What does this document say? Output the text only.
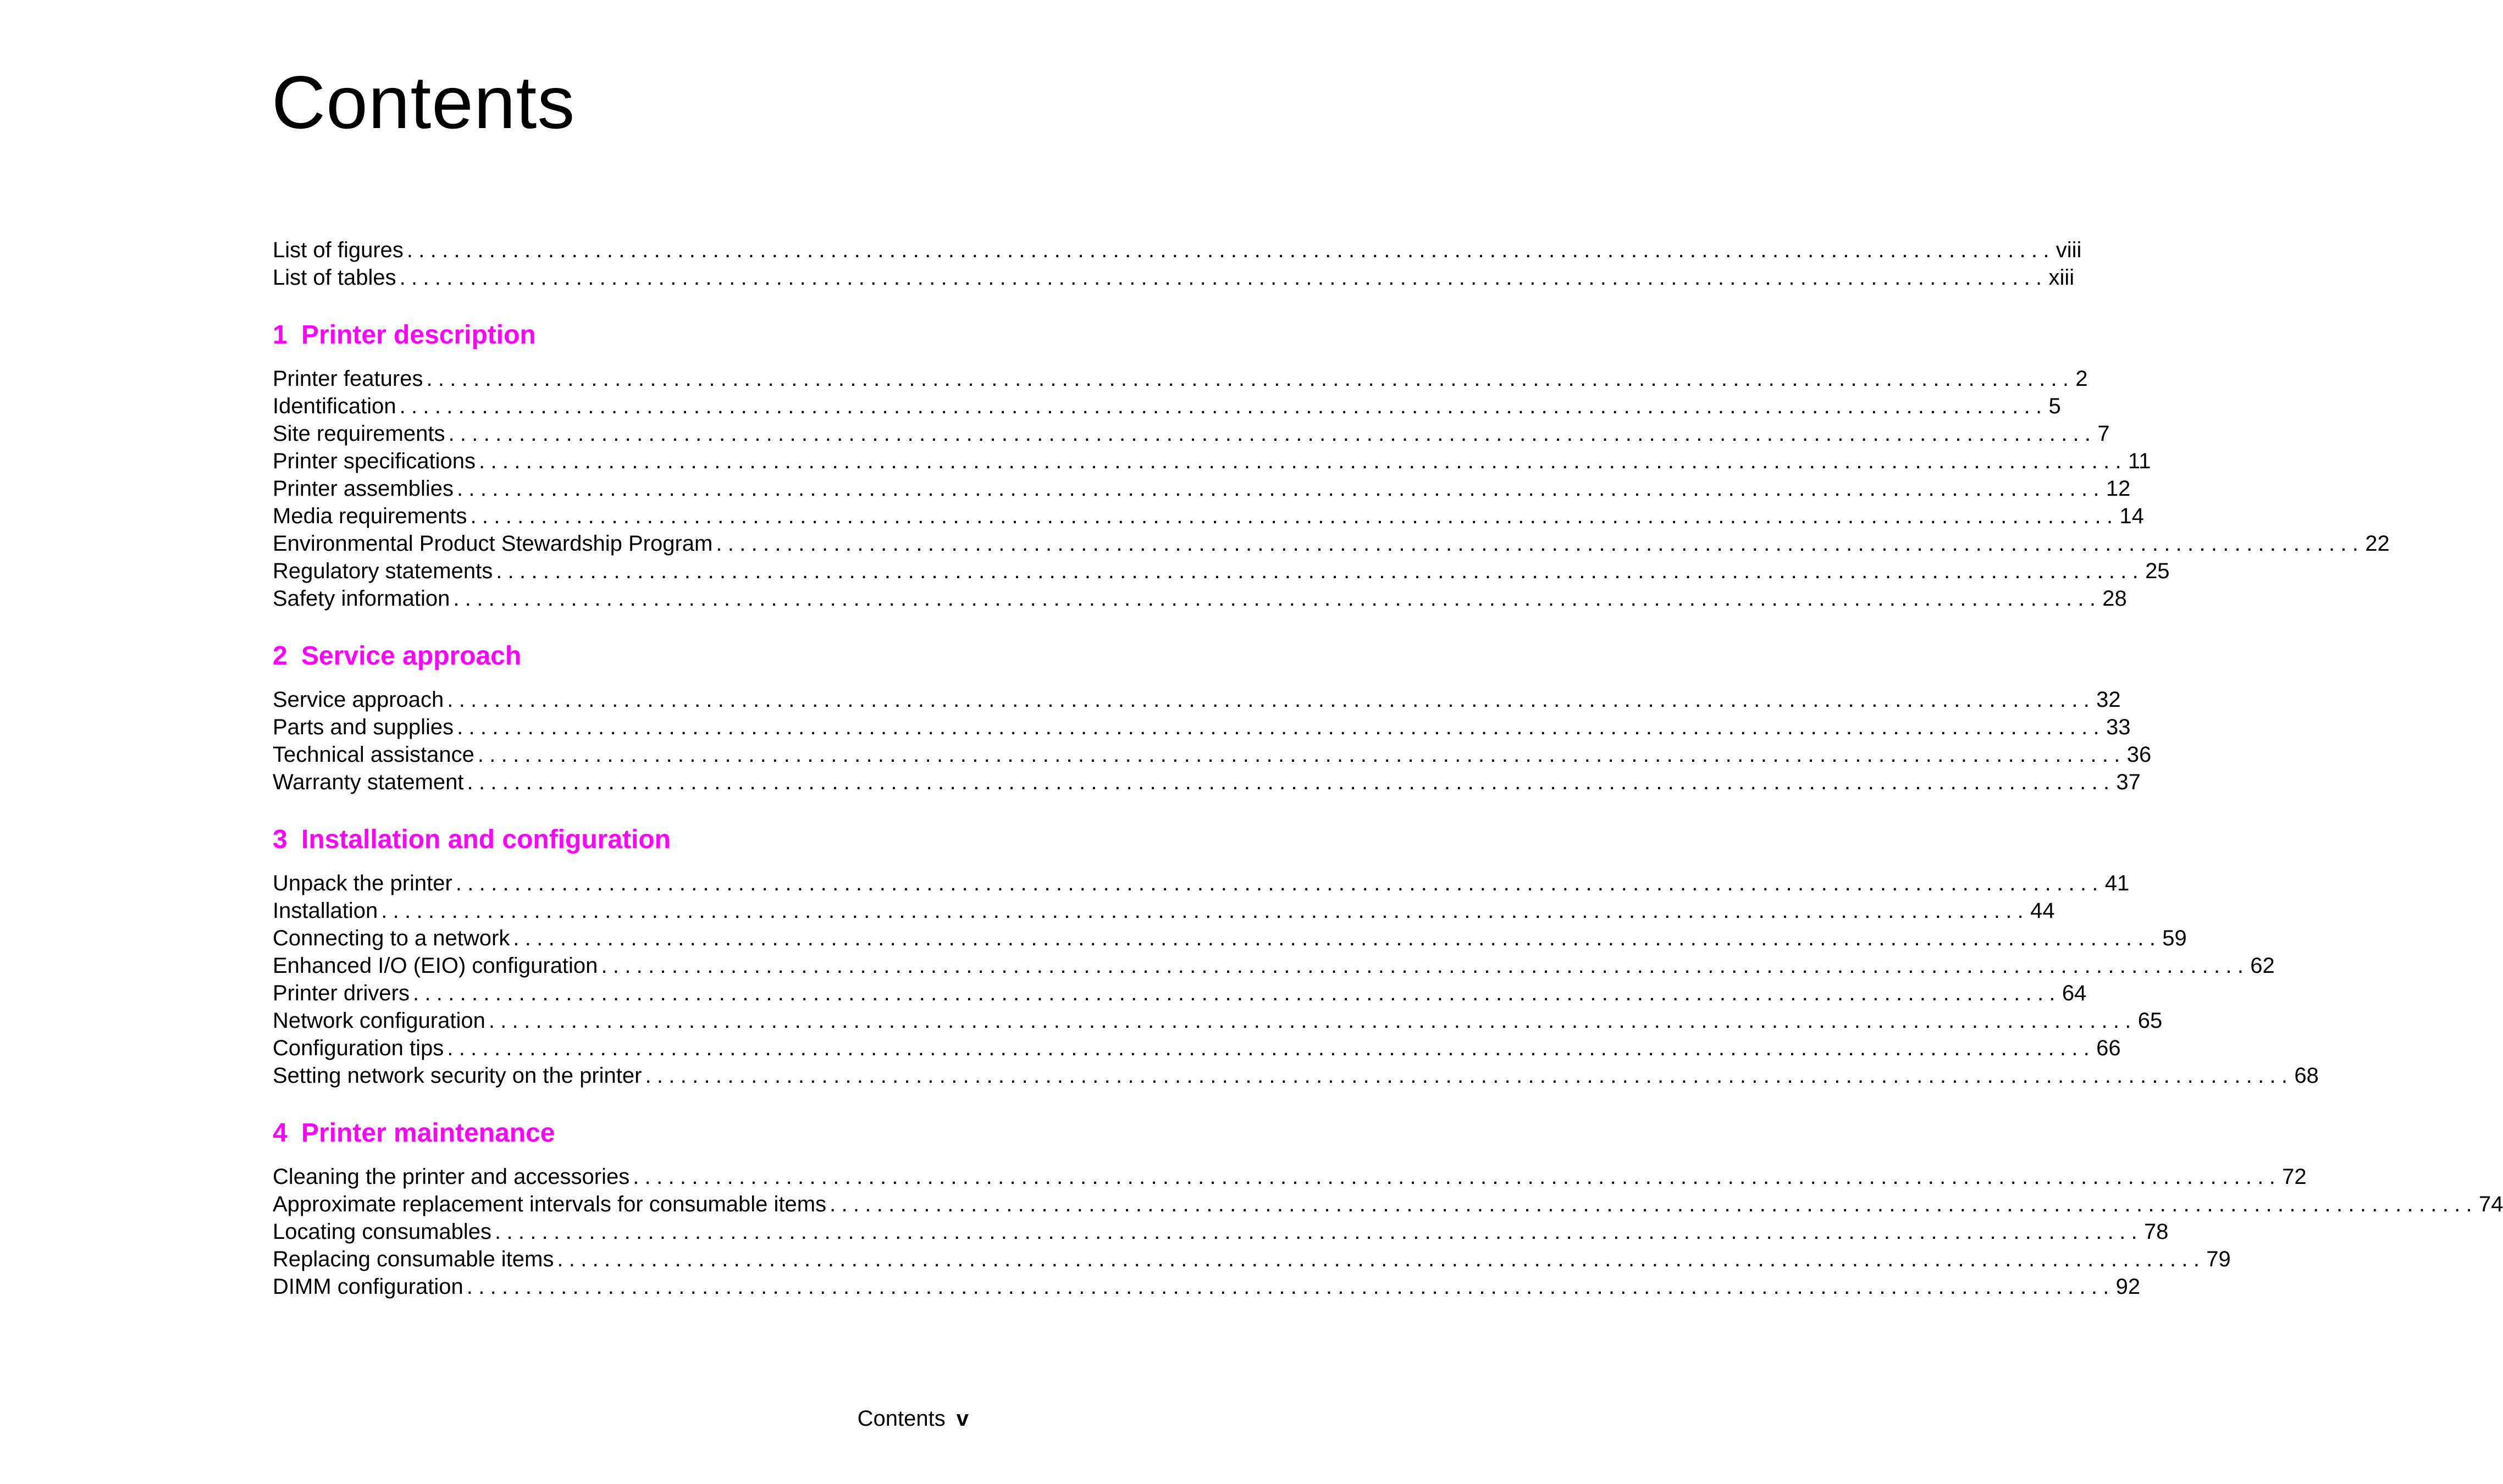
Contents
List of figures ............................................................................................................................................ viii
List of tables ............................................................................................................................................ xiii
1 Printer description
Printer features ............................................................................................................................................ 2
Identification ............................................................................................................................................ 5
Site requirements ............................................................................................................................................ 7
Printer specifications ............................................................................................................................................ 11
Printer assemblies ............................................................................................................................................ 12
Media requirements ............................................................................................................................................ 14
Environmental Product Stewardship Program ............................................................................................................................................ 22
Regulatory statements ............................................................................................................................................ 25
Safety information ............................................................................................................................................ 28
2 Service approach
Service approach ............................................................................................................................................ 32
Parts and supplies ............................................................................................................................................ 33
Technical assistance ............................................................................................................................................ 36
Warranty statement ............................................................................................................................................ 37
3 Installation and configuration
Unpack the printer ............................................................................................................................................ 41
Installation ............................................................................................................................................ 44
Connecting to a network ............................................................................................................................................ 59
Enhanced I/O (EIO) configuration ............................................................................................................................................ 62
Printer drivers ............................................................................................................................................ 64
Network configuration ............................................................................................................................................ 65
Configuration tips ............................................................................................................................................ 66
Setting network security on the printer ............................................................................................................................................ 68
4 Printer maintenance
Cleaning the printer and accessories ............................................................................................................................................ 72
Approximate replacement intervals for consumable items ............................................................................................................................................ 74
Locating consumables ............................................................................................................................................ 78
Replacing consumable items ............................................................................................................................................ 79
DIMM configuration ............................................................................................................................................ 92
Contents v
